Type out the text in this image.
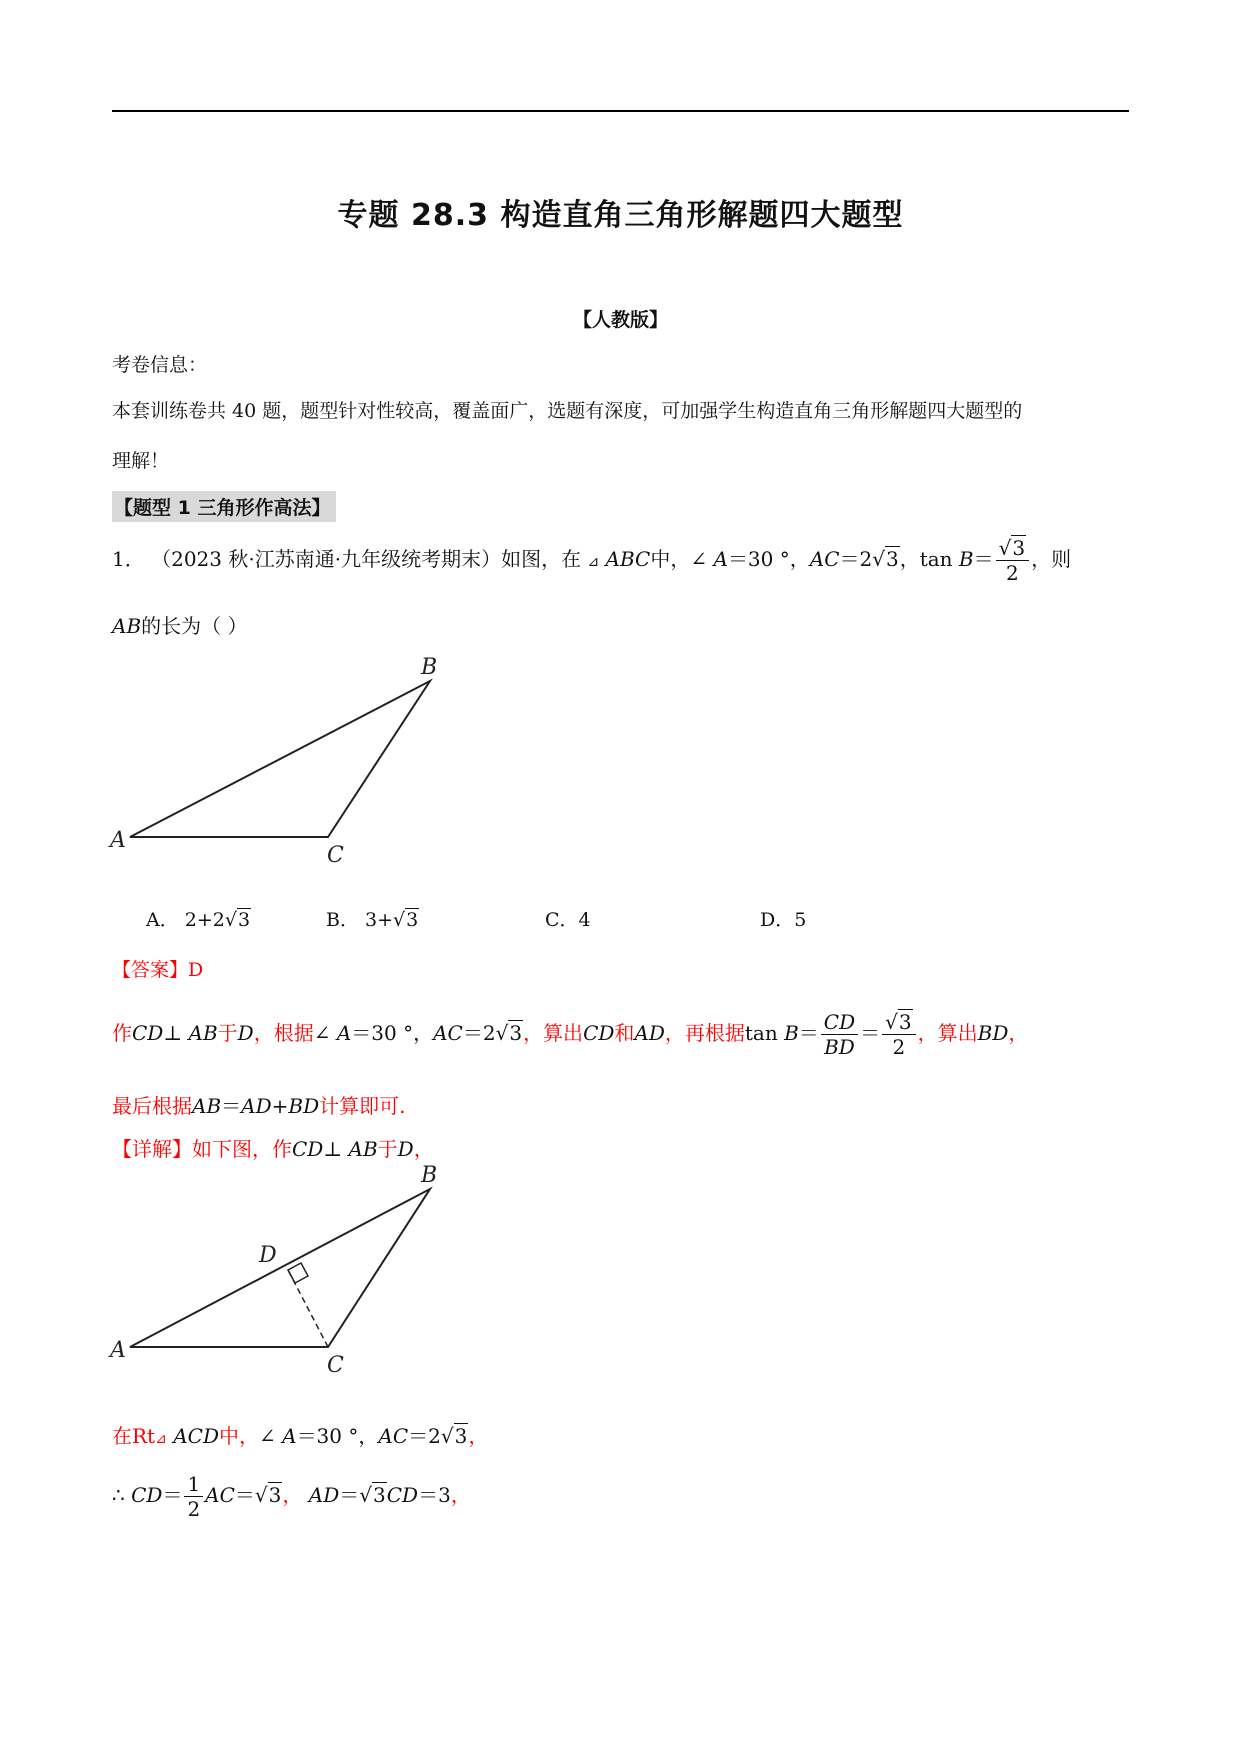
专题 28.3 构造直角三角形解题四大题型
【人教版】
考卷信息：
本套训练卷共 40 题，题型针对性较高，覆盖面广，选题有深度，可加强学生构造直角三角形解题四大题型的
理解！
【题型 1 三角形作高法】
1． （2023 秋·江苏南通·九年级统考期末）如图，在 ⊿ ABC中，∠ A＝30 °，AC＝2√3，$\tan B= \frac{√3}{2}$ ，则
AB的长为（ ）
A
B
C
A． 2+2√3	B． 3+√3	C．4	D．5
【答案】D
作CD⊥ AB于D，根据∠ A＝30 °，AC＝2√3，算出CD和AD，再根据$\tan B= \frac{CD}{BD} = \frac{√3}{2}$ ，算出BD，
最后根据AB＝AD+BD计算即可.
【详解】如下图，作CD⊥ AB于D，
A
B
C
D
在Rt⊿ ACD中，∠ A＝30 °，AC＝2√3，
∴ $CD= \frac{1}{2} AC=√3$， AD＝√3CD＝3，
